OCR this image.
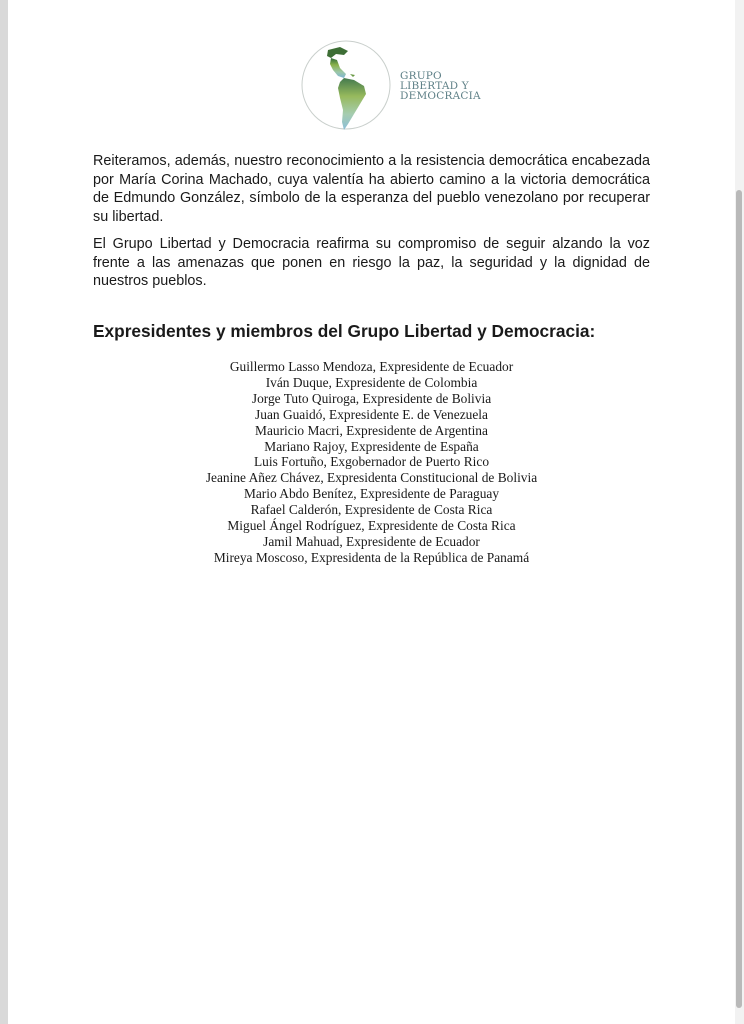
GRUPO
LIBERTAD Y
DEMOCRACIA

Reiteramos, además, nuestro reconocimiento a la resistencia democrática encabezada por María Corina Machado, cuya valentía ha abierto camino a la victoria democrática de Edmundo González, símbolo de la esperanza del pueblo venezolano por recuperar su libertad.

El Grupo Libertad y Democracia reafirma su compromiso de seguir alzando la voz frente a las amenazas que ponen en riesgo la paz, la seguridad y la dignidad de nuestros pueblos.

Expresidentes y miembros del Grupo Libertad y Democracia:
Guillermo Lasso Mendoza, Expresidente de Ecuador
Iván Duque, Expresidente de Colombia
Jorge Tuto Quiroga, Expresidente de Bolivia
Juan Guaidó, Expresidente E. de Venezuela
Mauricio Macri, Expresidente de Argentina
Mariano Rajoy, Expresidente de España
Luis Fortuño, Exgobernador de Puerto Rico
Jeanine Añez Chávez, Expresidenta Constitucional de Bolivia
Mario Abdo Benítez, Expresidente de Paraguay
Rafael Calderón, Expresidente de Costa Rica
Miguel Ángel Rodríguez, Expresidente de Costa Rica
Jamil Mahuad, Expresidente de Ecuador
Mireya Moscoso, Expresidenta de la República de Panamá
